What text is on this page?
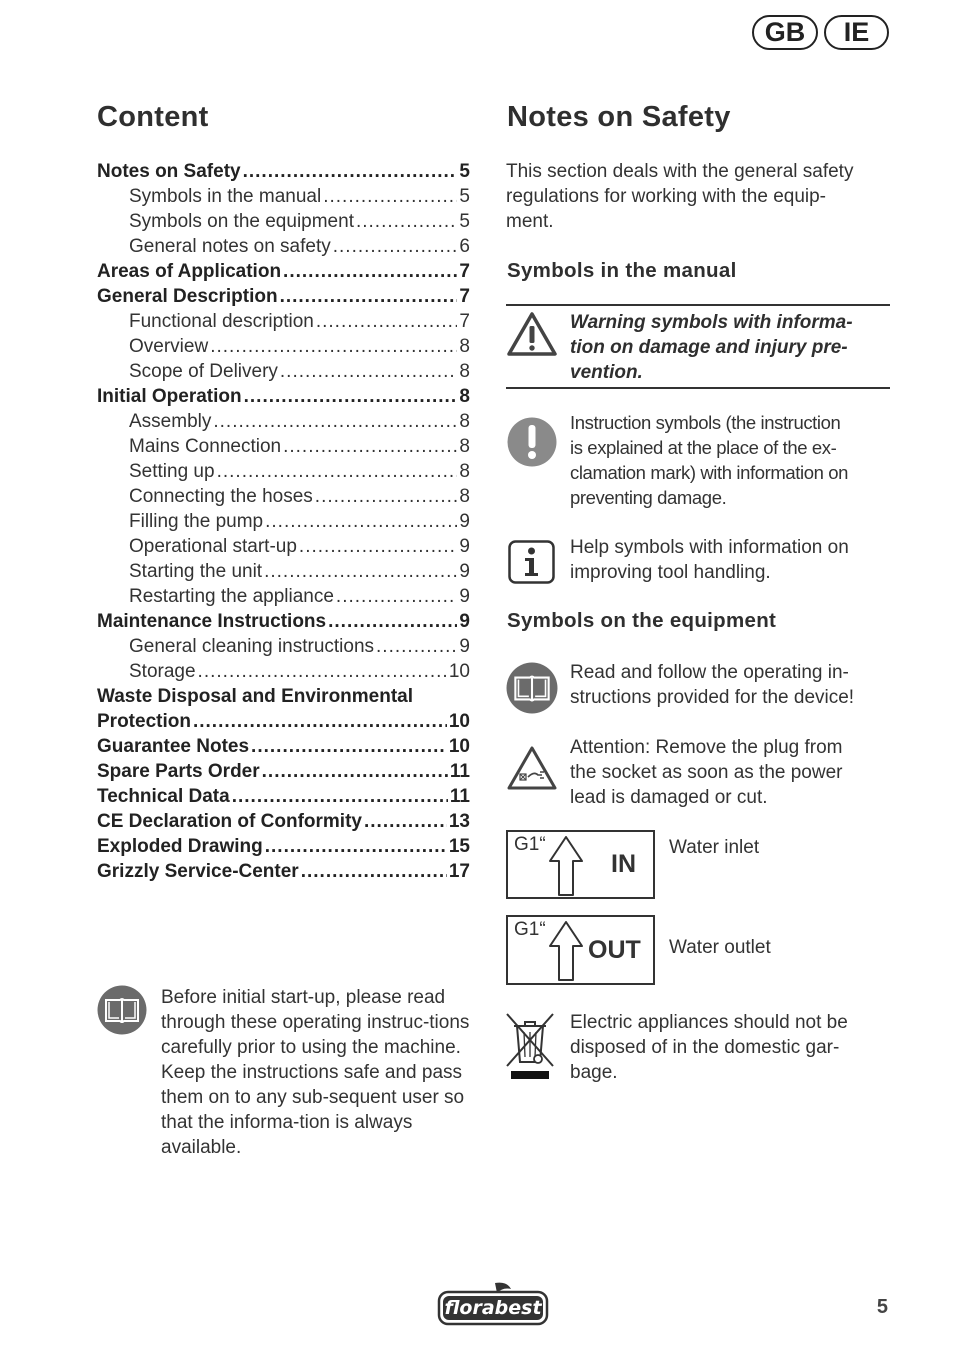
GB	IE
Content
Notes on Safety .....	5
Symbols in the manual .....	5
Symbols on the equipment .....	5
General notes on safety .....	6
Areas of Application .....	7
General Description .....	7
Functional description .....	7
Overview .....	8
Scope of Delivery .....	8
Initial Operation .....	8
Assembly .....	8
Mains Connection .....	8
Setting up .....	8
Connecting the hoses .....	8
Filling the pump .....	9
Operational start-up .....	9
Starting the unit .....	9
Restarting the appliance .....	9
Maintenance Instructions .....	9
General cleaning instructions .....	9
Storage .....	10
Waste Disposal and Environmental
Protection .....	10
Guarantee Notes .....	10
Spare Parts Order .....	11
Technical Data .....	11
CE Declaration of Conformity .....	13
Exploded Drawing .....	15
Grizzly Service-Center .....	17
Before initial start-up, please read through these operating instruc-tions carefully prior to using the machine. Keep the instructions safe and pass them on to any sub-sequent user so that the informa-tion is always available.
Notes on Safety
This section deals with the general safety
regulations for working with the equip-
ment.
Symbols in the manual
Warning symbols with informa-
tion on damage and injury pre-
vention.
Instruction symbols (the instruction
is explained at the place of the ex-
clamation mark) with information on
preventing damage.
Help symbols with information on
improving tool handling.
Symbols on the equipment
Read and follow the operating in-
structions provided for the device!
Attention: Remove the plug from
the socket as soon as the power
lead is damaged or cut.
G1“
IN
Water inlet
G1“
OUT Water outlet
Electric appliances should not be
disposed of in the domestic gar-
bage.
florabest	5
